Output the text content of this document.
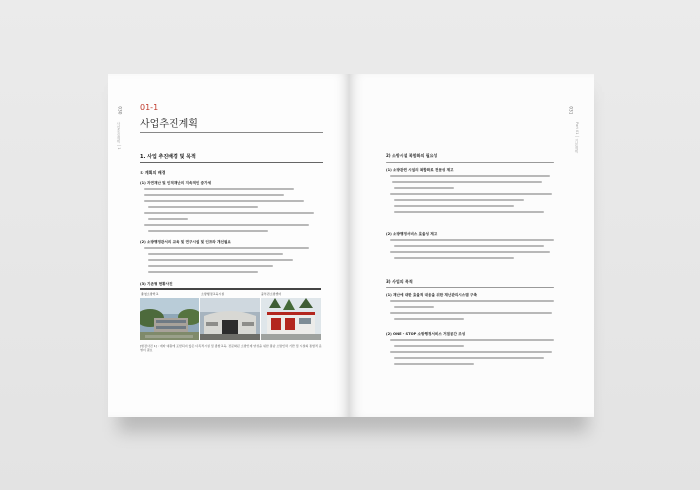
030
사업추진계획 │ 1
01-1
사업추진계획
1. 사업 추진배경 및 목적
① 계획의 배경
(1) 자연재난 및 인적재난의 지속적인 증가세
(2) 소방행정관서의 교육 및 연구시설 및 인프라 개선필요
(3) 기존형 현황사진
충청소방학교	소방행정교육시설	중부권소방센터
[현장사진 1] : 예타 대원에 포함되지 않은 다목적시설 및 종합교육, 전문화된 소방인재 양성을 위한 충남 소방인력 기반 및 시설의 통합적 운영이 필요
031
Part 01 │ 기본계획
2) 소방시설 복합화의 필요성
(1) 소방관련 시설의 복합화로 전문성 제고
(2) 소방행정서비스 효율성 제고
3) 사업의 목적
(1) 재난에 대한 효율적 대응을 위한 재난관리시스템 구축
(2) ONE - STOP 소방행정서비스 거점공간 조성
